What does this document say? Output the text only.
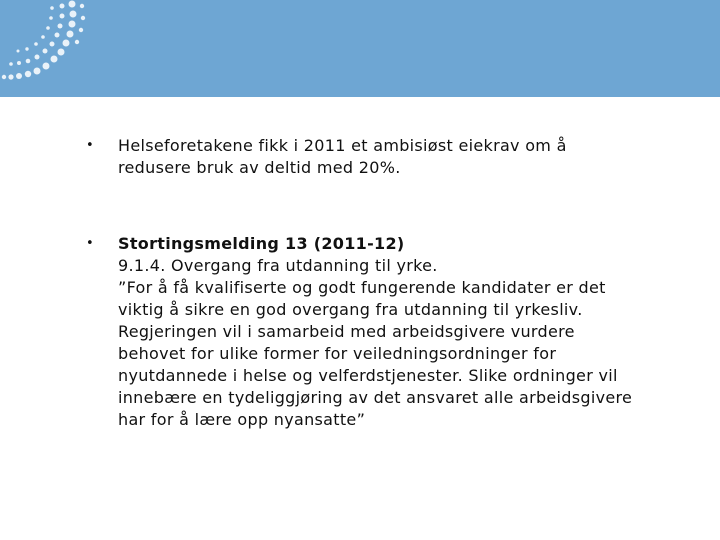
•	Helseforetakene fikk i 2011 et ambisiøst eiekrav om å
redusere bruk av deltid med 20%.
•	Stortingsmelding 13 (2011-12)
9.1.4. Overgang fra utdanning til yrke.
”For å få kvalifiserte og godt fungerende kandidater er det
viktig å sikre en god overgang fra utdanning til yrkesliv.
Regjeringen vil i samarbeid med arbeidsgivere vurdere
behovet for ulike former for veiledningsordninger for
nyutdannede i helse og velferdstjenester. Slike ordninger vil
innebære en tydeliggjøring av det ansvaret alle arbeidsgivere
har for å lære opp nyansatte”
